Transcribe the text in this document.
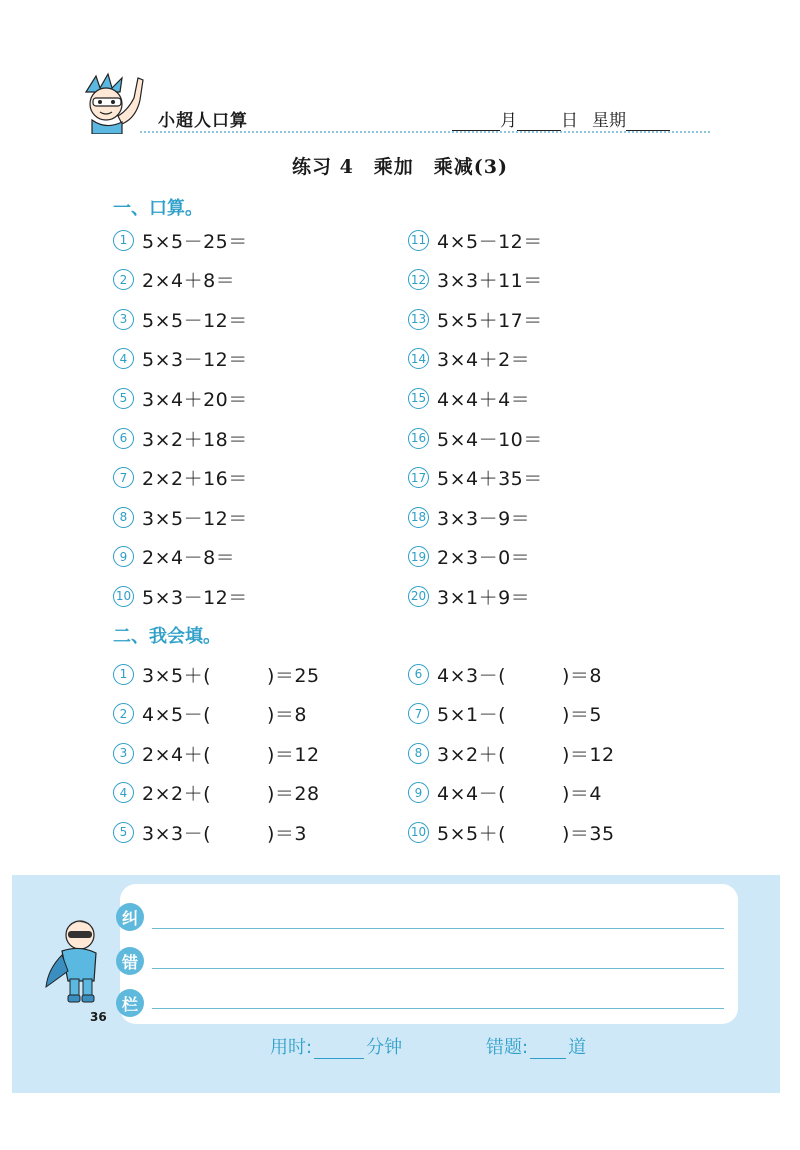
小超人口算	月	日 星期
练习 4　乘加　乘减(3)
一、口算。
1 5×5－25＝
2 2×4＋8＝
3 5×5－12＝
4 5×3－12＝
5 3×4＋20＝
6 3×2＋18＝
7 2×2＋16＝
8 3×5－12＝
9 2×4－8＝
10 5×3－12＝
11 4×5－12＝
12 3×3＋11＝
13 5×5＋17＝
14 3×4＋2＝
15 4×4＋4＝
16 5×4－10＝
17 5×4＋35＝
18 3×3－9＝
19 2×3－0＝
20 3×1＋9＝
二、我会填。
1 3×5＋(	)＝25
2 4×5－(	)＝8
3 2×4＋(	)＝12
4 2×2＋(	)＝28
5 3×3－(	)＝3
6 4×3－(	)＝8
7 5×1－(	)＝5
8 3×2＋(	)＝12
9 4×4－(	)＝4
10 5×5＋(	)＝35
纠
错
栏
36
用时:	分钟	错题: 道
